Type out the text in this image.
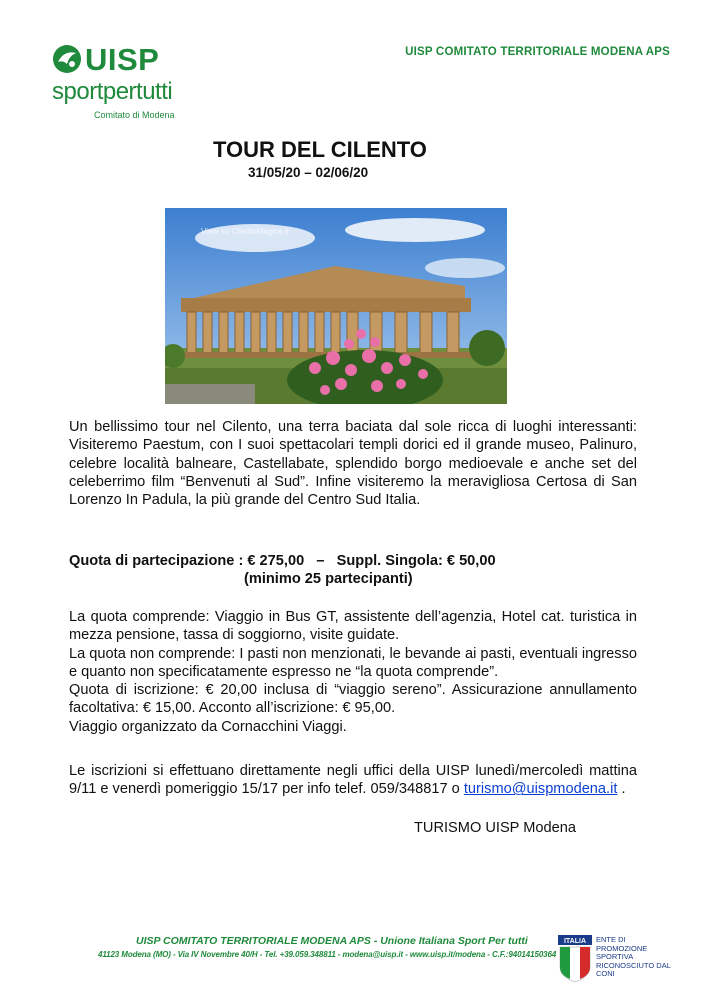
UISP
sportpertutti
Comitato di Modena
UISP COMITATO TERRITORIALE MODENA APS
TOUR DEL CILENTO
31/05/20 – 02/06/20
Vieni su CilentoMagica.it
Un bellissimo tour nel Cilento, una terra baciata dal sole ricca di luoghi interessanti: Visiteremo Paestum, con I suoi spettacolari templi dorici ed il grande museo, Palinuro, celebre località balneare, Castellabate, splendido borgo medioevale e anche set del celeberrimo film “Benvenuti al Sud”. Infine visiteremo la meravigliosa Certosa di San Lorenzo In Padula, la più grande del Centro Sud Italia.
Quota di partecipazione : € 275,00   –   Suppl. Singola: € 50,00
(minimo 25 partecipanti)
La quota comprende: Viaggio in Bus GT, assistente dell’agenzia, Hotel cat. turistica in mezza pensione, tassa di soggiorno, visite guidate.
La quota non comprende: I pasti non menzionati, le bevande ai pasti, eventuali ingresso e quanto non specificatamente espresso ne “la quota comprende”.
Quota di iscrizione: € 20,00 inclusa di “viaggio sereno”. Assicurazione annullamento facoltativa: € 15,00. Acconto all’iscrizione: € 95,00.
Viaggio organizzato da Cornacchini Viaggi.
Le iscrizioni si effettuano direttamente negli uffici della UISP lunedì/mercoledì mattina 9/11 e venerdì pomeriggio 15/17 per info telef. 059/348817 o turismo@uispmodena.it .
TURISMO UISP Modena
UISP COMITATO TERRITORIALE MODENA APS - Unione Italiana Sport Per tutti
41123 Modena (MO) - Via IV Novembre 40/H - Tel. +39.059.348811 - modena@uisp.it - www.uisp.it/modena - C.F.:94014150364
ITALIA ENTE DI PROMOZIONE SPORTIVA RICONOSCIUTO DAL CONI
